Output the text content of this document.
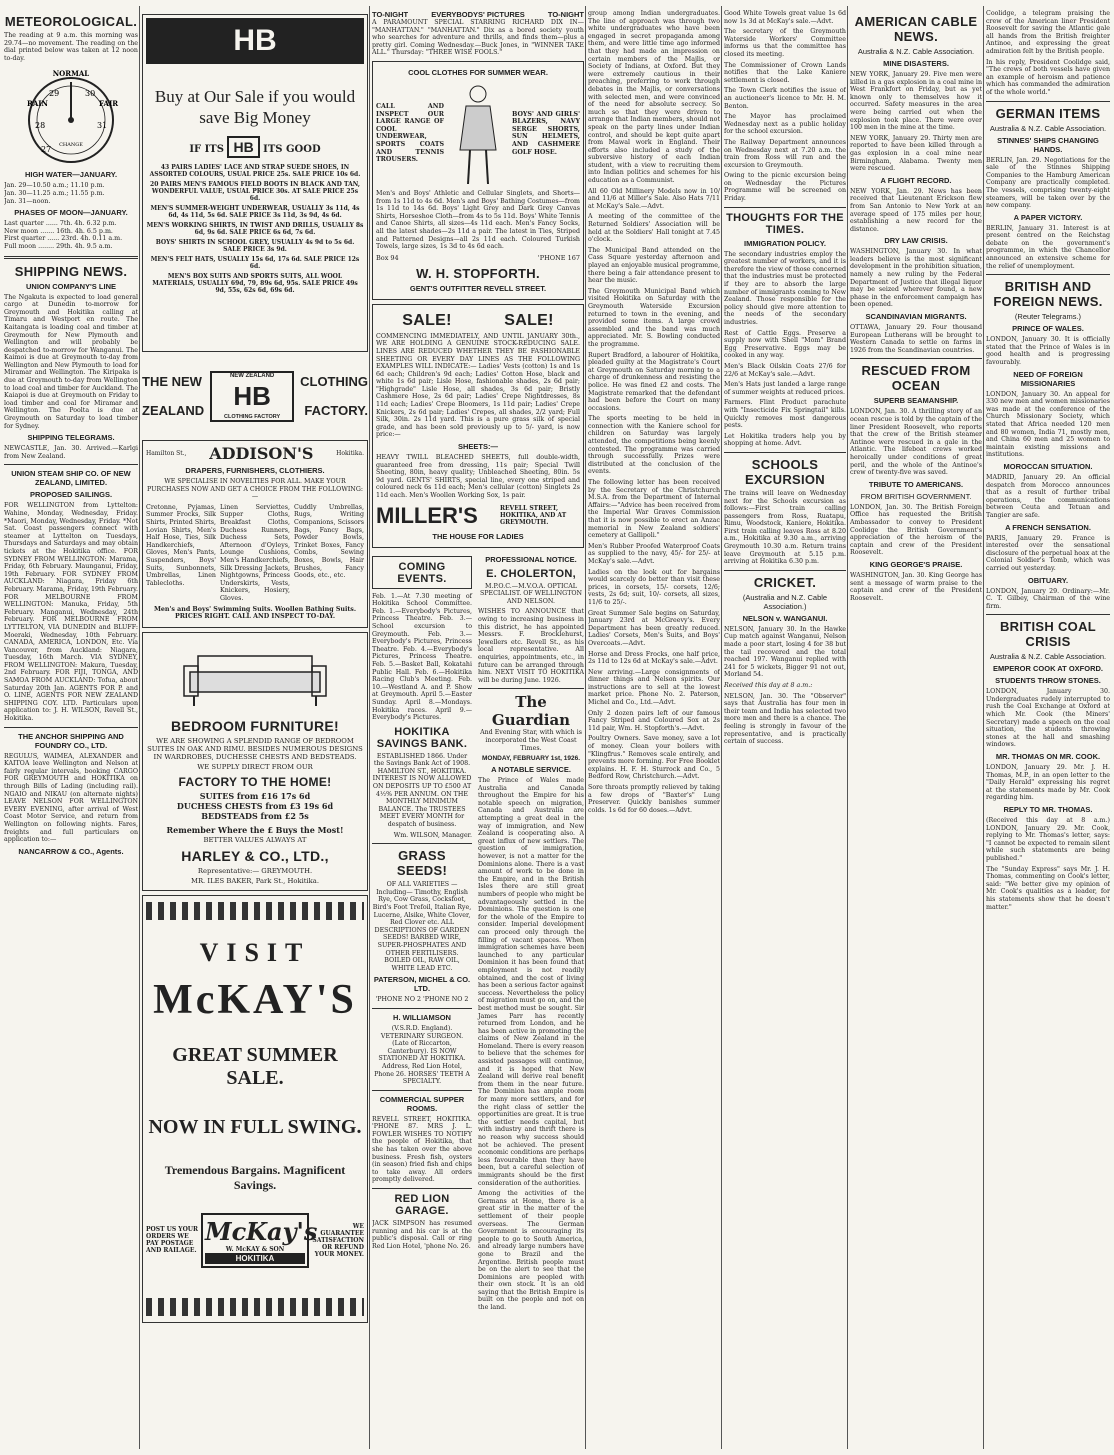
METEOROLOGICAL.

The reading at 9 a.m. this morning was 29.74—no movement. The reading on the dial printed below was taken at 12 noon to-day.

NORMAL
RAIN	FAIR
28
29	30
31
27 CHANGE
HIGH WATER—JANUARY.
Jan. 29—10.50 a.m.; 11.10 p.m.
Jan. 30—11.25 a.m.; 11.55 p.m.
Jan. 31—noon.
PHASES OF MOON—JANUARY.
Last quarter ...... 7th. 4h. 6.32 p.m.
New moon ....... 16th. 4h. 6.5 p.m.
First quarter ...... 23rd. 4h. 0.11 a.m.
Full moon ........ 29th. 4h. 9.5 a.m.
SHIPPING NEWS.
UNION COMPANY'S LINE

The Ngakuta is expected to load general cargo at Dunedin to-morrow for Greymouth and Hokitika calling at Timaru and Westport en route. The Kaitangata is loading coal and timber at Greymouth for New Plymouth and Wellington and will probably be despatched to-morrow for Wanganui. The Kaimoi is due at Greymouth to-day from Wellington and New Plymouth to load for Miramar and Wellington. The Kiripaka is due at Greymouth to-day from Wellington to load coal and timber for Auckland. The Kaiapoi is due at Greymouth on Friday to load timber and coal for Miramar and Wellington. The Poolta is due at Greymouth on Saturday to load timber for Sydney.

SHIPPING TELEGRAMS.

NEWCASTLE, Jan. 30. Arrived.—Karlgi from New Zealand.

UNION STEAM SHIP CO. OF NEW ZEALAND, LIMITED.
PROPOSED SAILINGS.

FOR WELLINGTON from Lyttelton: Wahine, Monday, Wednesday, Friday. *Maori, Monday, Wednesday, Friday. *Not Sat. Coast passengers connect with steamer at Lyttelton on Tuesdays, Thursdays and Saturdays and may obtain tickets at the Hokitika office. FOR SYDNEY FROM WELLINGTON: Marama, Friday, 6th February. Maunganui, Friday, 19th February. FOR SYDNEY FROM AUCKLAND: Niagara, Friday 6th February. Marama, Friday, 19th February. FOR MELBOURNE FROM WELLINGTON: Manuka, Friday, 5th February. Manganui, Wednesday, 24th February. FOR MELBOURNE FROM LYTTELTON, VIA DUNEDIN and BLUFF: Moeraki, Wednesday, 10th February. CANADA, AMERICA, LONDON, Etc. Via Vancouver, from Auckland: Niagara, Tuesday, 16th March. VIA SYDNEY, FROM WELLINGTON: Makura, Tuesday, 2nd February. FOR FIJI, TONGA, AND SAMOA FROM AUCKLAND: Tofua, about Saturday 20th Jan. AGENTS FOR P. and O. LINE, AGENTS FOR NEW ZEALAND SHIPPING COY. LTD. Particulars upon application to: J. H. WILSON, Revell St., Hokitika.

THE ANCHOR SHIPPING AND FOUNDRY CO., LTD.

REGULUS, WAIMEA, ALEXANDER and KAITOA leave Wellington and Nelson at fairly regular intervals, booking CARGO FOR GREYMOUTH and HOKITIKA on through Bills of Lading (including rail). NGAIO and NIKAU (on alternate nights) LEAVE NELSON FOR WELLINGTON EVERY EVENING, after arrival of West Coast Motor Service, and return from Wellington on following nights. Fares, freights and full particulars on application to:—

NANCARROW & CO., Agents.
HB
Buy at Our Sale if you would save Big Money
IF ITS HB ITS GOOD
43 PAIRS LADIES' LACE AND STRAP SUEDE SHOES, IN ASSORTED COLOURS, USUAL PRICE 25s. SALE PRICE 10s 6d.
20 PAIRS MEN'S FAMOUS FIELD BOOTS IN BLACK AND TAN, WONDERFUL VALUE, USUAL PRICE 30s. AT SALE PRICE 25s 6d.
MEN'S SUMMER-WEIGHT UNDERWEAR, USUALLY 3s 11d, 4s 6d, 4s 11d, 5s 6d. SALE PRICE 3s 11d, 3s 9d, 4s 6d.
MEN'S WORKING SHIRTS, IN TWIST AND DRILLS, USUALLY 8s 6d, 9s 6d. SALE PRICE 6s 6d, 7s 6d.
BOYS' SHIRTS IN SCHOOL GREY, USUALLY 4s 9d to 5s 6d. SALE PRICE 3s 9d.
MEN'S FELT HATS, USUALLY 15s 6d, 17s 6d. SALE PRICE 12s 6d.
MEN'S BOX SUITS AND SPORTS SUITS, ALL WOOL MATERIALS, USUALLY 69d, 79, 89s 6d, 95s. SALE PRICE 49s 9d, 55s, 62s 6d, 69s 6d.
THE NEW
ZEALAND
NEW ZEALAND
HB
CLOTHING FACTORY
CLOTHING
FACTORY.
Hamilton St., ADDISON'S	Hokitika.
DRAPERS, FURNISHERS, CLOTHIERS.

WE SPECIALISE IN NOVELTIES FOR ALL. MAKE YOUR PURCHASES NOW AND GET A CHOICE FROM THE FOLLOWING:—

Cretonne, Pyjamas, Summer Frocks, Silk Shirts, Printed Shirts, Lovian Shirts, Men's Half Hose, Ties, Silk Handkerchiefs, Gloves, Men's Pants, Suspenders, Boys' Suits, Sunbonnets, Umbrellas, Linen Tablecloths.

Linen Serviettes, Supper Cloths, Breakfast Cloths, Duchess Runners, Duchess Sets, Afternoon d'Oyleys, Lounge Cushions, Men's Handkerchiefs, Silk Dressing Jackets, Nightgowns, Princess Underskirts, Vests, Knickers, Hosiery, Gloves.

Cuddly Umbrellas, Rugs, Writing Companions, Scissors Bags, Fancy Bags, Powder Bowls, Trinket Boxes, Fancy Combs, Sewing Boxes, Bowls, Hair Brushes, Fancy Goods, etc., etc.

Men's and Boys' Swimming Suits. Woollen Bathing Suits. PRICES RIGHT. CALL AND INSPECT TO-DAY.

BEDROOM FURNITURE!

WE ARE SHOWING A SPLENDID RANGE OF BEDROOM SUITES IN OAK AND RIMU. BESIDES NUMEROUS DESIGNS IN WARDROBES, DUCHESSE CHESTS AND BEDSTEADS.

WE SUPPLY DIRECT FROM OUR

FACTORY TO THE HOME!

SUITES from £16 17s 6d

DUCHESS CHESTS from £3 19s 6d

BEDSTEADS from £2 5s

Remember Where the £ Buys the Most!

BETTER VALUES ALWAYS AT

HARLEY & CO., LTD.,

Representative:— GREYMOUTH.

MR. ILES BAKER, Park St., Hokitika.

VISIT
McKAY'S
GREAT SUMMER SALE.
NOW IN FULL SWING.
Tremendous Bargains. Magnificent Savings.
POST US YOUR ORDERS WE PAY POSTAGE AND RAILAGE.
McKay's
W. McKAY & SON
HOKITIKA
WE GUARANTEE SATISFACTION OR REFUND YOUR MONEY.
TO-NIGHT	EVERYBODYS' PICTURES	TO-NIGHT

A PARAMOUNT SPECIAL STARRING RICHARD DIX IN— "MANHATTAN." "MANHATTAN." Dix as a bored society youth who searches for adventure and thrills, and finds them—plus a pretty girl. Coming Wednesday.—Buck Jones, in "WINNER TAKE ALL." Thursday: "THREE WISE FOOLS."

COOL CLOTHES FOR SUMMER WEAR.

CALL AND INSPECT OUR LARGE RANGE OF COOL UNDERWEAR, SPORTS COATS AND TENNIS TROUSERS.

BOYS' AND GIRLS' BLAZERS, NAVY SERGE SHORTS, SUN HELMETS, AND CASHMERE GOLF HOSE.

Men's and Boys' Athletic and Cellular Singlets, and Shorts—from 1s 11d to 4s 6d. Men's and Boys' Bathing Costumes—from 1s 11d to 14s 6d. Boys' Light Grey and Dark Grey Canvas Shirts, Horseshoe Cloth—from 4s to 5s 11d. Boys' White Tennis and Canoe Shirts, all sizes—4s 11d each. Men's Fancy Socks, all the latest shades—2s 11d a pair. The latest in Ties, Striped and Patterned Designs—all 2s 11d each. Coloured Turkish Towels, large sizes, 1s 3d to 4s 6d each.

Box 94	'PHONE 167
W. H. STOPFORTH.
GENT'S OUTFITTER REVELL STREET.
SALE!	SALE!

COMMENCING IMMEDIATELY, AND UNTIL JANUARY 30th., WE ARE HOLDING A GENUINE STOCK-REDUCING SALE. LINES ARE REDUCED WHETHER THEY BE FASHIONABLE SHEETING OR EVERY DAY LINES AS THE FOLLOWING EXAMPLES WILL INDICATE:— Ladies' Vests (cotton) 1s and 1s 6d each; Children's 9d each; Ladies' Cotton Hose, black and white 1s 6d pair; Lisle Hose, fashionable shades, 2s 6d pair; "Highgrade" Lisle Hose, all shades, 3s 6d pair; Bristly Cashmere Hose, 2s 6d pair; Ladies' Crepe Nightdresses, 8s 11d each; Ladies' Crepe Bloomers, 1s 11d pair; Ladies' Crepe Knickers, 2s 6d pair; Ladies' Crepes, all shades, 2/2 yard; Full Silk, 30in. 2s 11d yard. This is a pure grass silk of special grade, and has been sold previously up to 5/- yard, is now price:—

SHEETS:—

HEAVY TWILL BLEACHED SHEETS, full double-width, guaranteed free from dressing, 11s pair; Special Twill Sheeting, 80in, heavy quality; Unbleached Sheeting, 80in. 5s 9d yard. GENTS' SHIRTS, special line, every one striped and coloured neck 6s 11d each; Men's cellular (cotton) Singlets 2s 11d each. Men's Woollen Working Sox, 1s pair.

MILLER'S	REVELL STREET, HOKITIKA, AND AT GREYMOUTH.
THE HOUSE FOR LADIES
COMING EVENTS.

Feb. 1.—At 7.30 meeting of Hokitika School Committee. Feb. 1.—Everybody's Pictures, Princess Theatre. Feb. 3.—School excursion to Greymouth. Feb. 3.—Everybody's Pictures, Princess Theatre. Feb. 4.—Everybody's Pictures, Princess Theatre. Feb. 5.—Basket Ball, Kokatahi Public Hall. Feb. 6.—Hokitika Racing Club's Meeting. Feb. 10.—Westland A. and P. Show at Greymouth. April 5.—Easter Sunday. April 8.—Mondays. Hokitika races. April 9.—Everybody's Pictures.

HOKITIKA SAVINGS BANK.

ESTABLISHED 1866. Under the Savings Bank Act of 1908. HAMILTON ST., HOKITIKA. INTEREST IS NOW ALLOWED ON DEPOSITS UP TO £500 AT 4½% PER ANNUM. ON THE MONTHLY MINIMUM BALANCE. The TRUSTEES MEET EVERY MONTH for despatch of business.

Wm. WILSON, Manager.

GRASS SEEDS!

OF ALL VARIETIES —Including— Timothy, English Rye, Cow Grass, Cocksfoot, Bird's Foot Trefoil, Italian Rye, Lucerne, Alsike, White Clover, Red Clover etc. ALL DESCRIPTIONS OF GARDEN SEEDS! BARBED WIRE, SUPER-PHOSPHATES AND OTHER FERTILISERS. BOILED OIL, RAW OIL, WHITE LEAD ETC.

PATERSON, MICHEL & CO. LTD.

'PHONE NO 2 'PHONE NO 2

H. WILLIAMSON

(V.S.R.D. England). VETERINARY SURGEON. (Late of Riccarton, Canterbury). IS NOW STATIONED AT HOKITIKA. Address, Red Lion Hotel, Phone 26. HORSES' TEETH A SPECIALTY.

COMMERCIAL SUPPER ROOMS.

REVELL STREET, HOKITIKA. 'PHONE 87. MRS J. L. FOWLER WISHES TO NOTIFY the people of Hokitika, that she has taken over the above business. Fresh fish, oysters (in season) fried fish and chips to take away. All orders promptly delivered.

RED LION GARAGE.

JACK SIMPSON has resumed running and his car is at the public's disposal. Call or ring Red Lion Hotel, 'phone No. 26.

PROFESSIONAL NOTICE.
E. CHOLERTON,

M.P.O.C.—M.V.O.A. OPTICAL SPECIALIST. OF WELLINGTON AND NELSON.

WISHES TO ANNOUNCE that owing to increasing business in this district, he has appointed Messrs. F. Brocklehurst, Jewellers etc. Revell St., as his local representative. All enquiries, appointments, etc., in future can be arranged through him. NEXT VISIT TO HOKITIKA will be during June. 1926.

The Guardian

And Evening Star, with which is incorporated the West Coast Times.

MONDAY, FEBRUARY 1st, 1926.
A NOTABLE SERVICE.

The Prince of Wales made Australia and Canada throughout the Empire for his notable speech on migration, Canada and Australia are attempting a great deal in the way of immigration, and New Zealand is cooperating also. A great influx of new settlers. The question of immigration, however, is not a matter for the Dominions alone. There is a vast amount of work to be done in the Empire, and in the British Isles there are still great numbers of people who might be advantageously settled in the Dominions. The question is one for the whole of the Empire to consider. Imperial development can proceed only through the filling of vacant spaces. When immigration schemes have been launched to any particular Dominion it has been found that employment is not readily obtained, and the cost of living has been a serious factor against success. Nevertheless the policy of migration must go on, and the best method must be sought. Sir James Parr has recently returned from London, and he has been active in promoting the claims of New Zealand in the Homeland. There is every reason to believe that the schemes for assisted passages will continue, and it is hoped that New Zealand will derive real benefit from them in the near future. The Dominion has ample room for many more settlers, and for the right class of settler the opportunities are great. It is true the settler needs capital, but with industry and thrift there is no reason why success should not be achieved. The present economic conditions are perhaps less favourable than they have been, but a careful selection of immigrants should be the first consideration of the authorities.

Among the activities of the Germans at Home, there is a great stir in the matter of the settlement of their people overseas. The German Government is encouraging its people to go to South America, and already large numbers have gone to Brazil and the Argentine. British people must be on the alert to see that the Dominions are peopled with their own stock. It is an old saying that the British Empire is built on the people and not on the land.

group among Indian undergraduates. The line of approach was through two white undergraduates who have been engaged in secret propaganda among them, and were little time ago informed that they had made an impression on certain members of the Majlis, or Society of Indians, at Oxford. But they were extremely cautious in their preaching, preferring to work through debates in the Majlis, or conversations with selected men, and were convinced of the need for absolute secrecy. So much so that they were driven to arrange that Indian members, should not speak on the party lines under Indian control, and should be kept quite apart from Mawal work in England. Their efforts also included a study of the subversive history of each Indian student, with a view to recruiting them into Indian politics and schemes for his education as a Communist.

All 60 Old Millinery Models now in 10/ and 11/6 at Miller's Sale. Also Hats 7/11 at McKay's Sale.—Advt.

A meeting of the committee of the Returned Soldiers' Association will be held at the Soldiers' Hall tonight at 7.45 o'clock.

The Municipal Band attended on the Cass Square yesterday afternoon and played an enjoyable musical programme, there being a fair attendance present to hear the music.

The Greymouth Municipal Band which visited Hokitika on Saturday with the Greymouth Waterside Excursion returned to town in the evening, and provided some items. A large crowd assembled and the band was much appreciated. Mr. S. Bowling conducted the programme.

Rupert Bradford, a labourer of Hokitika, pleaded guilty at the Magistrate's Court at Greymouth on Saturday morning to a charge of drunkenness and resisting the police. He was fined £2 and costs. The Magistrate remarked that the defendant had been before the Court on many occasions.

The sports meeting to be held in connection with the Kaniere school for children on Saturday was largely attended, the competitions being keenly contested. The programme was carried through successfully. Prizes were distributed at the conclusion of the events.

The following letter has been received by the Secretary of the Christchurch M.S.A. from the Department of Internal Affairs:—"Advice has been received from the Imperial War Graves Commission that it is now possible to erect an Anzac memorial in New Zealand soldiers' cemetery at Gallipoli."

Men's Rubber Proofed Waterproof Coats as supplied to the navy, 45/- for 25/- at McKay's sale.—Advt.

Ladies on the look out for bargains would scarcely do better than visit these prices, in corsets, 15/- corsets, 12/6; vests, 2s 6d; suit, 10/- corsets, all sizes, 11/6 to 25/-.

Great Summer Sale begins on Saturday, January 23rd at McGreevy's. Every Department has been greatly reduced. Ladies' Corsets, Men's Suits, and Boys' Overcoats.—Advt.

Horse and Dress Frocks, one half price, 2s 11d to 12s 6d at McKay's sale.—Advt.

New arriving.—Large consignments of dinner things and Nelson spirits. Our instructions are to sell at the lowest market price. Phone No. 2. Paterson, Michel and Co., Ltd.—Advt.

Only 2 dozen pairs left of our famous Fancy Striped and Coloured Sox at 2s 11d pair, Wm. H. Stopforth's.—Advt.

Poultry Owners. Save money, save a lot of money. Clean your boilers with "Klingfrus." Removes scale entirely, and prevents more forming. For Free Booklet explains. H. F. H. Sturrock and Co., 5 Bedford Row, Christchurch.—Advt.

Sore throats promptly relieved by taking a few drops of "Baxter's" Lung Preserver. Quickly banishes summer colds. 1s 6d for 60 doses.—Advt.

Good White Towels great value 1s 6d now 1s 3d at McKay's sale.—Advt.

The secretary of the Greymouth Waterside Workers' Committee informs us that the committee has closed its meeting.

The Commissioner of Crown Lands notifies that the Lake Kaniere settlement is closed.

The Town Clerk notifies the issue of an auctioneer's licence to Mr. H. M. Benton.

The Mayor has proclaimed Wednesday next as a public holiday for the school excursion.

The Railway Department announces on Wednesday next at 7.20 a.m. the train from Ross will run and the excursion to Greymouth.

Owing to the picnic excursion being on Wednesday the Pictures Programme will be screened on Friday.

THOUGHTS FOR THE TIMES.
IMMIGRATION POLICY.

The secondary industries employ the greatest number of workers, and it is therefore the view of those concerned that the industries must be protected if they are to absorb the large number of immigrants coming to New Zealand. Those responsible for the policy should give more attention to the needs of the secondary industries.

Rest of Cattle Eggs. Preserve a supply now with Shell "Mom" Brand Egg Preservative. Eggs may be cooked in any way.

Men's Black Oilskin Coats 27/6 for 22/6 at McKay's sale.—Advt.

Men's Hats just landed a large range of summer weights at reduced prices.

Farmers. Flint Product parachute with "Insecticide Fix Springtail" kills. Quickly removes most dangerous pests.

Let Hokitika traders help you by shopping at home. Advt.

SCHOOLS EXCURSION

The trains will leave on Wednesday next for the Schools excursion as follows:—First train calling passengers from Ross, Ruatapu, Rimu, Woodstock, Kaniere, Hokitika. First train calling leaves Ross at 8.20 a.m., Hokitika at 9.30 a.m., arriving Greymouth 10.30 a.m. Return trains leave Greymouth at 5.15 p.m. arriving at Hokitika 6.30 p.m.

CRICKET.
(Australia and N.Z. Cable Association.)
NELSON v. WANGANUI.

NELSON, January 30. In the Hawke Cup match against Wanganui, Nelson made a poor start, losing 4 for 38 but the tail recovered and the total reached 197. Wanganui replied with 241 for 5 wickets, Bigger 91 not out, Morland 54.

Received this day at 8 a.m.:

NELSON, Jan. 30. The "Observer" says that Australia has four men in their team and India has selected two more men and there is a chance. The feeling is strongly in favour of the representative, and is practically certain of success.

AMERICAN CABLE NEWS.
Australia & N.Z. Cable Association.
MINE DISASTERS.

NEW YORK, January 29. Five men were killed in a gas explosion in a coal mine in West Frankfort on Friday, but as yet known only to themselves how it occurred. Safety measures in the area were being carried out when the explosion took place. There were over 100 men in the mine at the time.

NEW YORK, January 29. Thirty men are reported to have been killed through a gas explosion in a coal mine near Birmingham, Alabama. Twenty men were rescued.

A FLIGHT RECORD.

NEW YORK, Jan. 29. News has been received that Lieutenant Erickson flew from San Antonio to New York at an average speed of 175 miles per hour, establishing a new record for the distance.

DRY LAW CRISIS.

WASHINGTON, January 30. In what leaders believe is the most significant development in the prohibition situation, namely a new ruling by the Federal Department of Justice that illegal liquor may be seized wherever found, a new phase in the enforcement campaign has been opened.

SCANDINAVIAN MIGRANTS.

OTTAWA, January 29. Four thousand European Lutherans will be brought to Western Canada to settle on farms in 1926 from the Scandinavian countries.

RESCUED FROM OCEAN
SUPERB SEAMANSHIP.

LONDON, Jan. 30. A thrilling story of an ocean rescue is told by the captain of the liner President Roosevelt, who reports that the crew of the British steamer Antinoe were rescued in a gale in the Atlantic. The lifeboat crews worked heroically under conditions of great peril, and the whole of the Antinoe's crew of twenty-five was saved.

TRIBUTE TO AMERICANS.
FROM BRITISH GOVERNMENT.

LONDON, Jan. 30. The British Foreign Office has requested the British Ambassador to convey to President Coolidge the British Government's appreciation of the heroism of the captain and crew of the President Roosevelt.

KING GEORGE'S PRAISE.

WASHINGTON, Jan. 30. King George has sent a message of warm praise to the captain and crew of the President Roosevelt.

Coolidge, a telegram praising the crew of the American liner President Roosevelt for saving the Atlantic gale all hands from the British freighter Antinoe, and expressing the great admiration felt by the British people.

In his reply, President Coolidge said, "The crews of both vessels have given an example of heroism and patience which has commanded the admiration of the whole world."

GERMAN ITEMS
Australia & N.Z. Cable Association.
STINNES' SHIPS CHANGING HANDS.

BERLIN, Jan. 29. Negotiations for the sale of the Stinnes Shipping Companies to the Hamburg American Company are practically completed. The vessels, comprising twenty-eight steamers, will be taken over by the new company.

A PAPER VICTORY.

BERLIN, January 31. Interest is at present centred on the Reichstag debate on the government's programme, in which the Chancellor announced an extensive scheme for the relief of unemployment.

BRITISH AND FOREIGN NEWS.
(Reuter Telegrams.)
PRINCE OF WALES.

LONDON, January 30. It is officially stated that the Prince of Wales is in good health and is progressing favourably.

NEED OF FOREIGN MISSIONARIES

LONDON, January 30. An appeal for 330 new men and women missionaries was made at the conference of the Church Missionary Society, which stated that Africa needed 120 men and 80 women, India 71, mostly men, and China 60 men and 25 women to maintain existing missions and institutions.

MOROCCAN SITUATION.

MADRID, January 29. An official despatch from Morocco announces that as a result of further tribal operations, the communications between Ceuta and Tetuan and Tangier are safe.

A FRENCH SENSATION.

PARIS, January 29. France is interested over the sensational disclosure of the perpetual hoax at the Colonial Soldier's Tomb, which was carried out yesterday.

OBITUARY.

LONDON, January 29. Ordinary:—Mr. C. T. Gilbey, Chairman of the wine firm.

BRITISH COAL CRISIS
Australia & N.Z. Cable Association.
EMPEROR COOK AT OXFORD.
STUDENTS THROW STONES.

LONDON, January 30. Undergraduates rudely interrupted to rush the Coal Exchange at Oxford at which Mr. Cook (the Miners' Secretary) made a speech on the coal situation, the students throwing stones at the hall and smashing windows.

MR. THOMAS ON MR. COOK.

LONDON, January 29. Mr. J. H. Thomas, M.P., in an open letter to the "Daily Herald" expressing his regret at the statements made by Mr. Cook regarding him.

REPLY TO MR. THOMAS.

(Received this day at 8 a.m.) LONDON, January 29. Mr. Cook, replying to Mr. Thomas's letter, says: "I cannot be expected to remain silent while such statements are being published."

The "Sunday Express" says Mr. J. H. Thomas, commenting on Cook's letter, said: "We better give my opinion of Mr. Cook's qualities as a leader, for his statements show that he doesn't matter."
